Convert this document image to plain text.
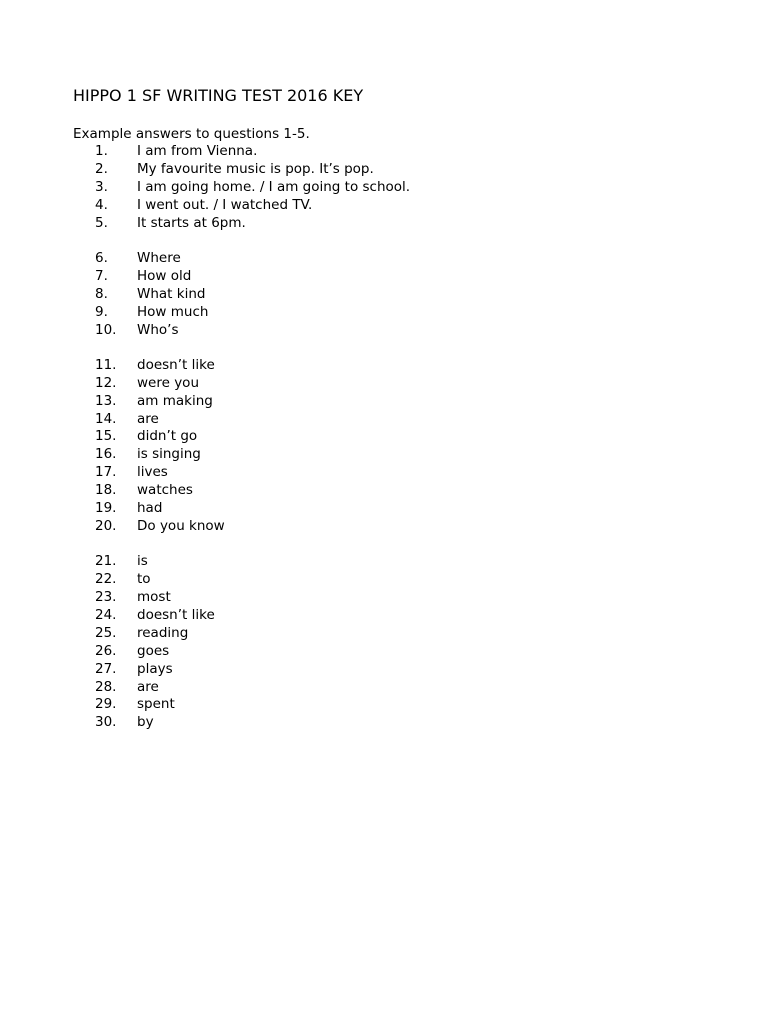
HIPPO 1 SF WRITING TEST 2016 KEY
Example answers to questions 1-5.
1. I am from Vienna.
2. My favourite music is pop. It’s pop.
3. I am going home. / I am going to school.
4. I went out. / I watched TV.
5. It starts at 6pm.
6. Where
7. How old
8. What kind
9. How much
10. Who’s
11. doesn’t like
12. were you
13. am making
14. are
15. didn’t go
16. is singing
17. lives
18. watches
19. had
20. Do you know
21. is
22. to
23. most
24. doesn’t like
25. reading
26. goes
27. plays
28. are
29. spent
30. by
